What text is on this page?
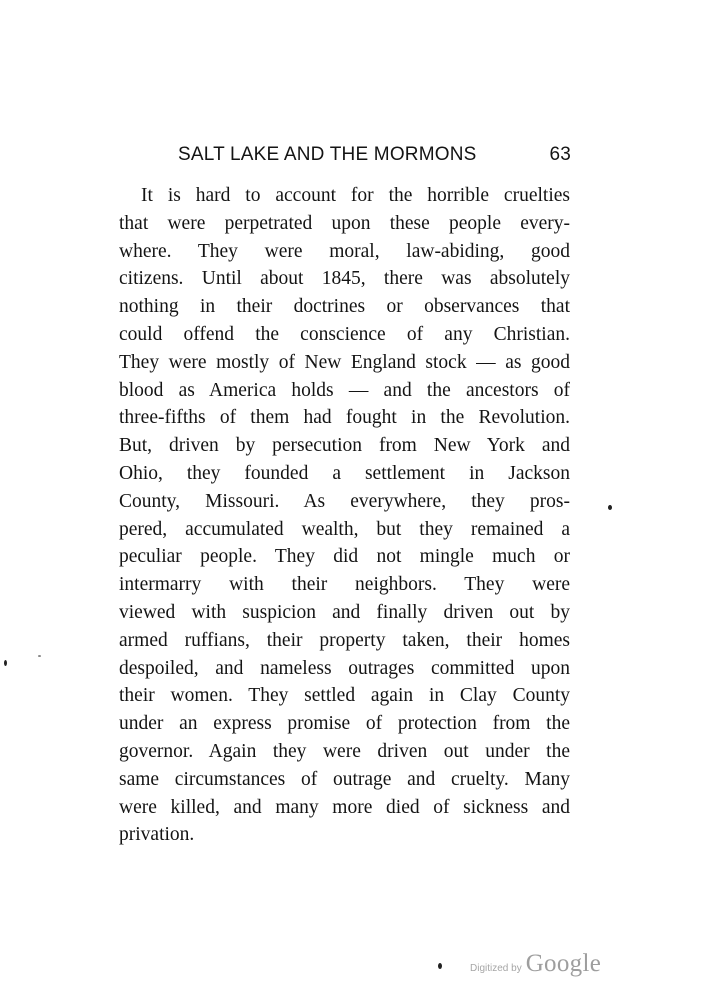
SALT LAKE AND THE MORMONS	63
It is hard to account for the horrible cruelties
that were perpetrated upon these people every-
where. They were moral, law-abiding, good
citizens. Until about 1845, there was absolutely
nothing in their doctrines or observances that
could offend the conscience of any Christian.
They were mostly of New England stock — as good
blood as America holds — and the ancestors of
three-fifths of them had fought in the Revolution.
But, driven by persecution from New York and
Ohio, they founded a settlement in Jackson
County, Missouri. As everywhere, they pros-
pered, accumulated wealth, but they remained a
peculiar people. They did not mingle much or
intermarry with their neighbors. They were
viewed with suspicion and finally driven out by
armed ruffians, their property taken, their homes
despoiled, and nameless outrages committed upon
their women. They settled again in Clay County
under an express promise of protection from the
governor. Again they were driven out under the
same circumstances of outrage and cruelty. Many
were killed, and many more died of sickness and
privation.
Digitized by Google
